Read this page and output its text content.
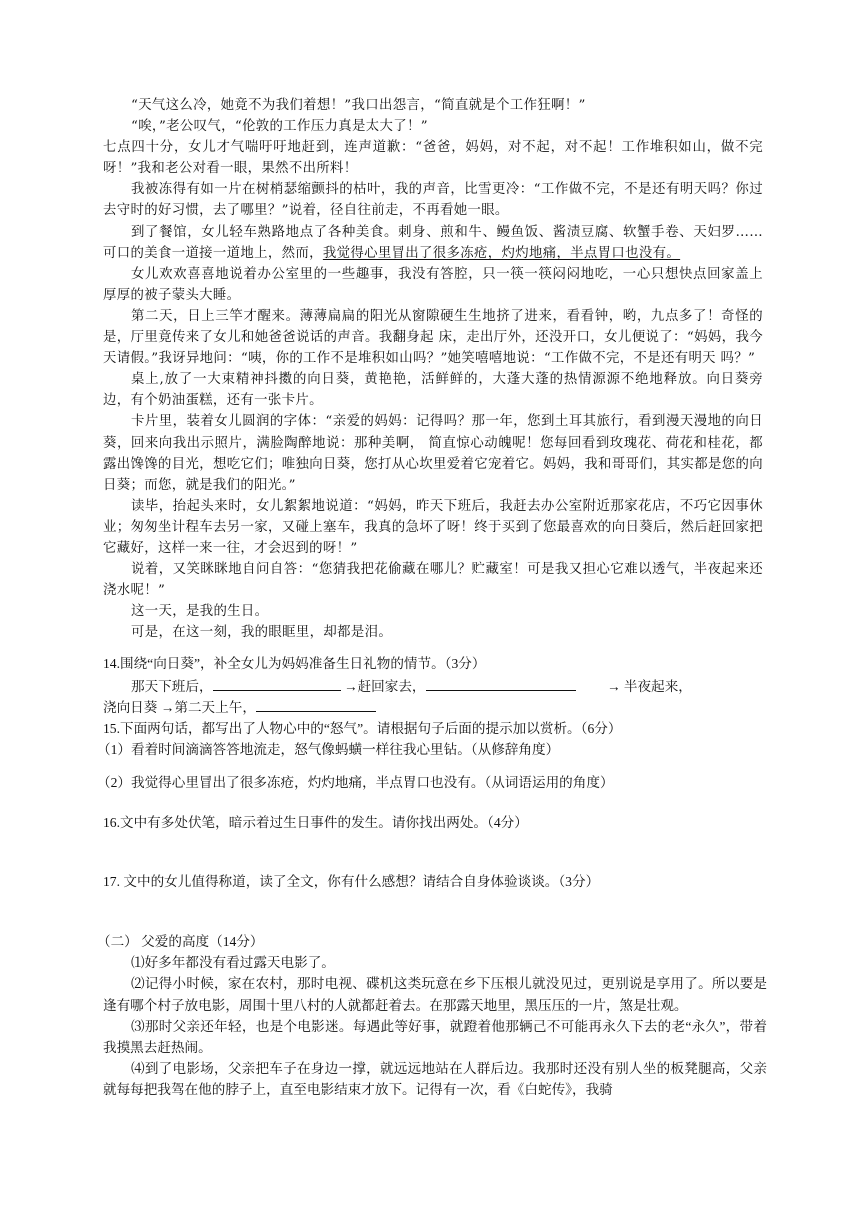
“天气这么冷，她竟不为我们着想！”我口出怨言，“简直就是个工作狂啊！”

“唉，”老公叹气，“伦敦的工作压力真是太大了！”

七点四十分，女儿才气喘吁吁地赶到，连声道歉：“爸爸，妈妈，对不起，对不起！工作堆积如山，做不完呀！”我和老公对看一眼，果然不出所料！

我被冻得有如一片在树梢瑟缩颤抖的枯叶，我的声音，比雪更冷：“工作做不完，不是还有明天吗？你过去守时的好习惯，去了哪里？”说着，径自往前走，不再看她一眼。

到了餐馆，女儿轻车熟路地点了各种美食。刺身、煎和牛、鳗鱼饭、酱渍豆腐、软蟹手卷、天妇罗……可口的美食一道接一道地上，然而，我觉得心里冒出了很多冻疮，灼灼地痛，半点胃口也没有。

女儿欢欢喜喜地说着办公室里的一些趣事，我没有答腔，只一筷一筷闷闷地吃，一心只想快点回家盖上厚厚的被子蒙头大睡。

第二天，日上三竿才醒来。薄薄扁扁的阳光从窗隙硬生生地挤了进来，看看钟，哟，九点多了！奇怪的是，厅里竟传来了女儿和她爸爸说话的声音。我翻身起 床，走出厅外，还没开口，女儿便说了：“妈妈，我今天请假。”我讶异地问：“咦，你的工作不是堆积如山吗？”她笑嘻嘻地说：“工作做不完，不是还有明天 吗？”

桌上,放了一大束精神抖擞的向日葵，黄艳艳，活鲜鲜的，大蓬大蓬的热情源源不绝地释放。向日葵旁边，有个奶油蛋糕，还有一张卡片。

卡片里，装着女儿圆润的字体：“亲爱的妈妈：记得吗？那一年，您到土耳其旅行，看到漫天漫地的向日葵，回来向我出示照片，满脸陶醉地说：那种美啊， 简直惊心动魄呢！您每回看到玫瑰花、荷花和桂花，都露出馋馋的目光，想吃它们；唯独向日葵，您打从心坎里爱着它宠着它。妈妈，我和哥哥们，其实都是您的向日葵；而您，就是我们的阳光。”

读毕，抬起头来时，女儿絮絮地说道：“妈妈，昨天下班后，我赶去办公室附近那家花店，不巧它因事休业；匆匆坐计程车去另一家，又碰上塞车，我真的急坏了呀！终于买到了您最喜欢的向日葵后，然后赶回家把它藏好，这样一来一往，才会迟到的呀！”

说着，又笑眯眯地自问自答：“您猜我把花偷藏在哪儿？贮藏室！可是我又担心它难以透气，半夜起来还浇水呢！”

这一天，是我的生日。

可是，在这一刻，我的眼眶里，却都是泪。

14.围绕“向日葵”，补全女儿为妈妈准备生日礼物的情节。（3分）
那天下班后，	→赶回家去，	→ 半夜起来，
浇向日葵 →第二天上午，
15.下面两句话，都写出了人物心中的“怒气”。请根据句子后面的提示加以赏析。（6分）
（1）看着时间滴滴答答地流走，怒气像蚂蟥一样往我心里钻。（从修辞角度）
（2）我觉得心里冒出了很多冻疮，灼灼地痛，半点胃口也没有。（从词语运用的角度）
16.文中有多处伏笔，暗示着过生日事件的发生。请你找出两处。（4分）
17. 文中的女儿值得称道，读了全文，你有什么感想？请结合自身体验谈谈。（3分）

（二） 父爱的高度（14分）

⑴好多年都没有看过露天电影了。

⑵记得小时候，家在农村，那时电视、碟机这类玩意在乡下压根儿就没见过，更别说是享用了。所以要是逢有哪个村子放电影，周围十里八村的人就都赶着去。在那露天地里，黑压压的一片，煞是壮观。

⑶那时父亲还年轻，也是个电影迷。每遇此等好事，就蹬着他那辆己不可能再永久下去的老“永久”，带着我摸黑去赶热闹。

⑷到了电影场，父亲把车子在身边一撑，就远远地站在人群后边。我那时还没有别人坐的板凳腿高，父亲就每每把我驾在他的脖子上，直至电影结束才放下。记得有一次，看《白蛇传》，我骑
